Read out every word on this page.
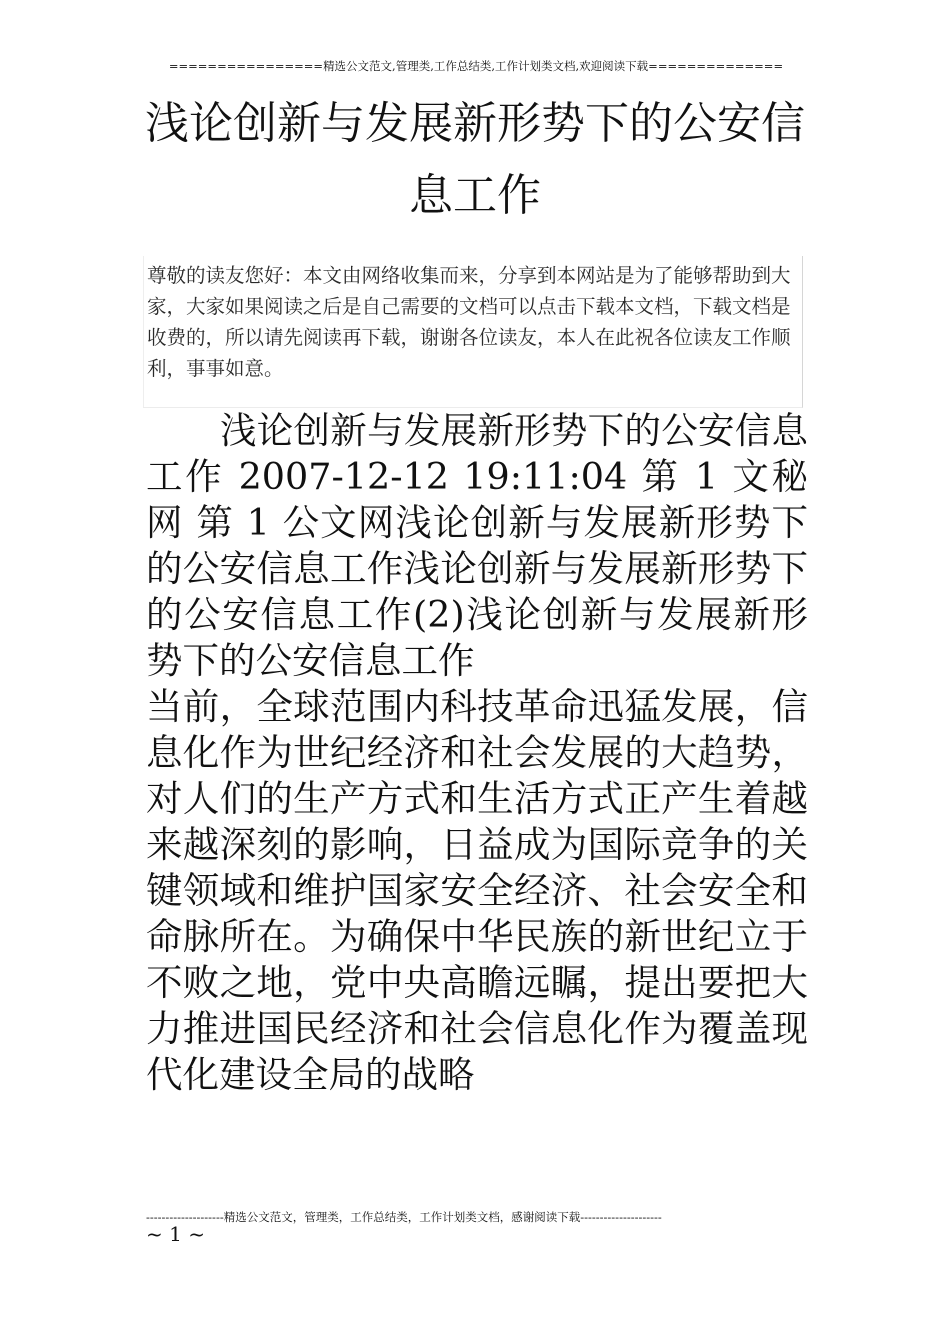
================精选公文范文,管理类,工作总结类,工作计划类文档,欢迎阅读下载==============
浅论创新与发展新形势下的公安信
息工作
尊敬的读友您好：本文由网络收集而来，分享到本网站是为了能够帮助到大家，大家如果阅读之后是自己需要的文档可以点击下载本文档，下载文档是收费的，所以请先阅读再下载，谢谢各位读友，本人在此祝各位读友工作顺利，事事如意。

浅论创新与发展新形势下的公安信息工作 2007-12-12 19:11:04 第 1 文秘网 第 1 公文网浅论创新与发展新形势下的公安信息工作浅论创新与发展新形势下的公安信息工作(2)浅论创新与发展新形势下的公安信息工作

当前，全球范围内科技革命迅猛发展，信息化作为世纪经济和社会发展的大趋势，对人们的生产方式和生活方式正产生着越来越深刻的影响，日益成为国际竞争的关键领域和维护国家安全经济、社会安全和命脉所在。为确保中华民族的新世纪立于不败之地，党中央高瞻远瞩，提出要把大力推进国民经济和社会信息化作为覆盖现代化建设全局的战略

--------------------精选公文范文，管理类，工作总结类，工作计划类文档，感谢阅读下载---------------------
~ 1 ~
